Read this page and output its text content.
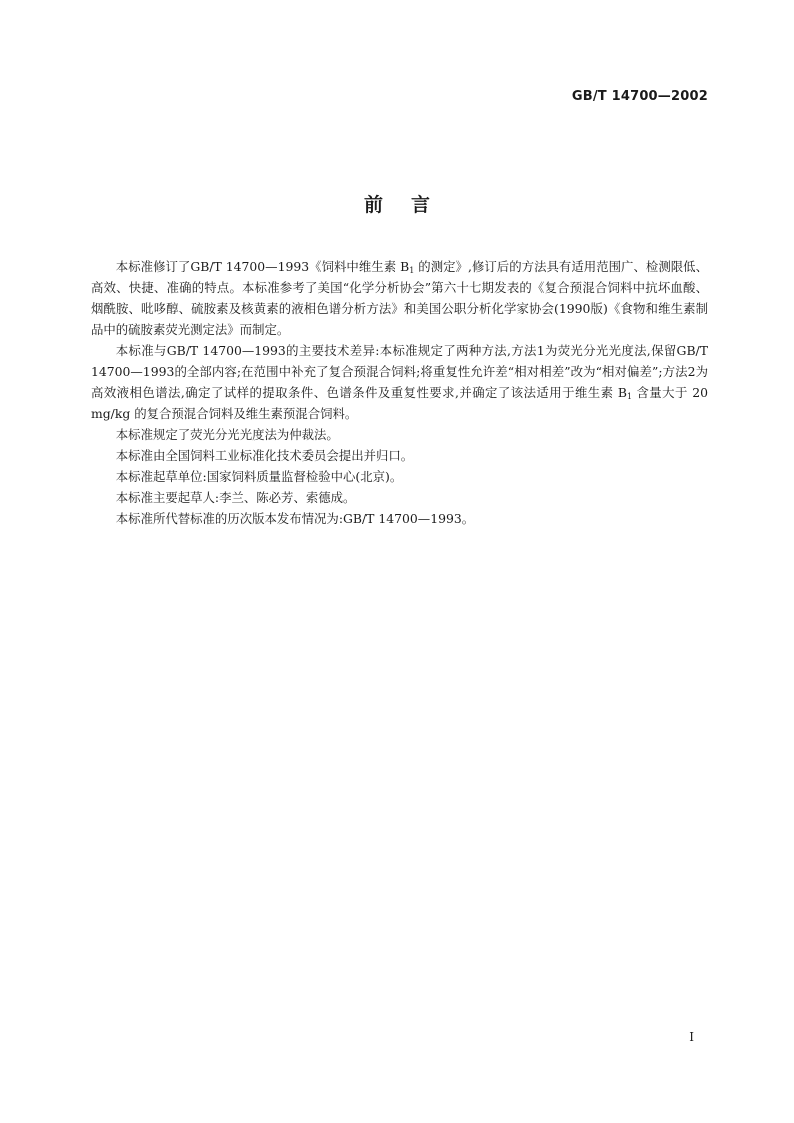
GB/T 14700—2002
前言

本标准修订了GB/T 14700—1993《饲料中维生素 $B_1$ 的测定》,修订后的方法具有适用范围广、检测限低、高效、快捷、准确的特点。本标准参考了美国“化学分析协会”第六十七期发表的《复合预混合饲料中抗坏血酸、烟酰胺、吡哆醇、硫胺素及核黄素的液相色谱分析方法》和美国公职分析化学家协会(1990版)《食物和维生素制品中的硫胺素荧光测定法》而制定。

本标准与GB/T 14700—1993的主要技术差异:本标准规定了两种方法,方法1为荧光分光光度法,保留GB/T 14700—1993的全部内容;在范围中补充了复合预混合饲料;将重复性允许差“相对相差”改为“相对偏差”;方法2为高效液相色谱法,确定了试样的提取条件、色谱条件及重复性要求,并确定了该法适用于维生素 $B_1$ 含量大于 20 mg/kg 的复合预混合饲料及维生素预混合饲料。

本标准规定了荧光分光光度法为仲裁法。

本标准由全国饲料工业标准化技术委员会提出并归口。

本标准起草单位:国家饲料质量监督检验中心(北京)。

本标准主要起草人:李兰、陈必芳、索德成。

本标准所代替标准的历次版本发布情况为:GB/T 14700—1993。

I
